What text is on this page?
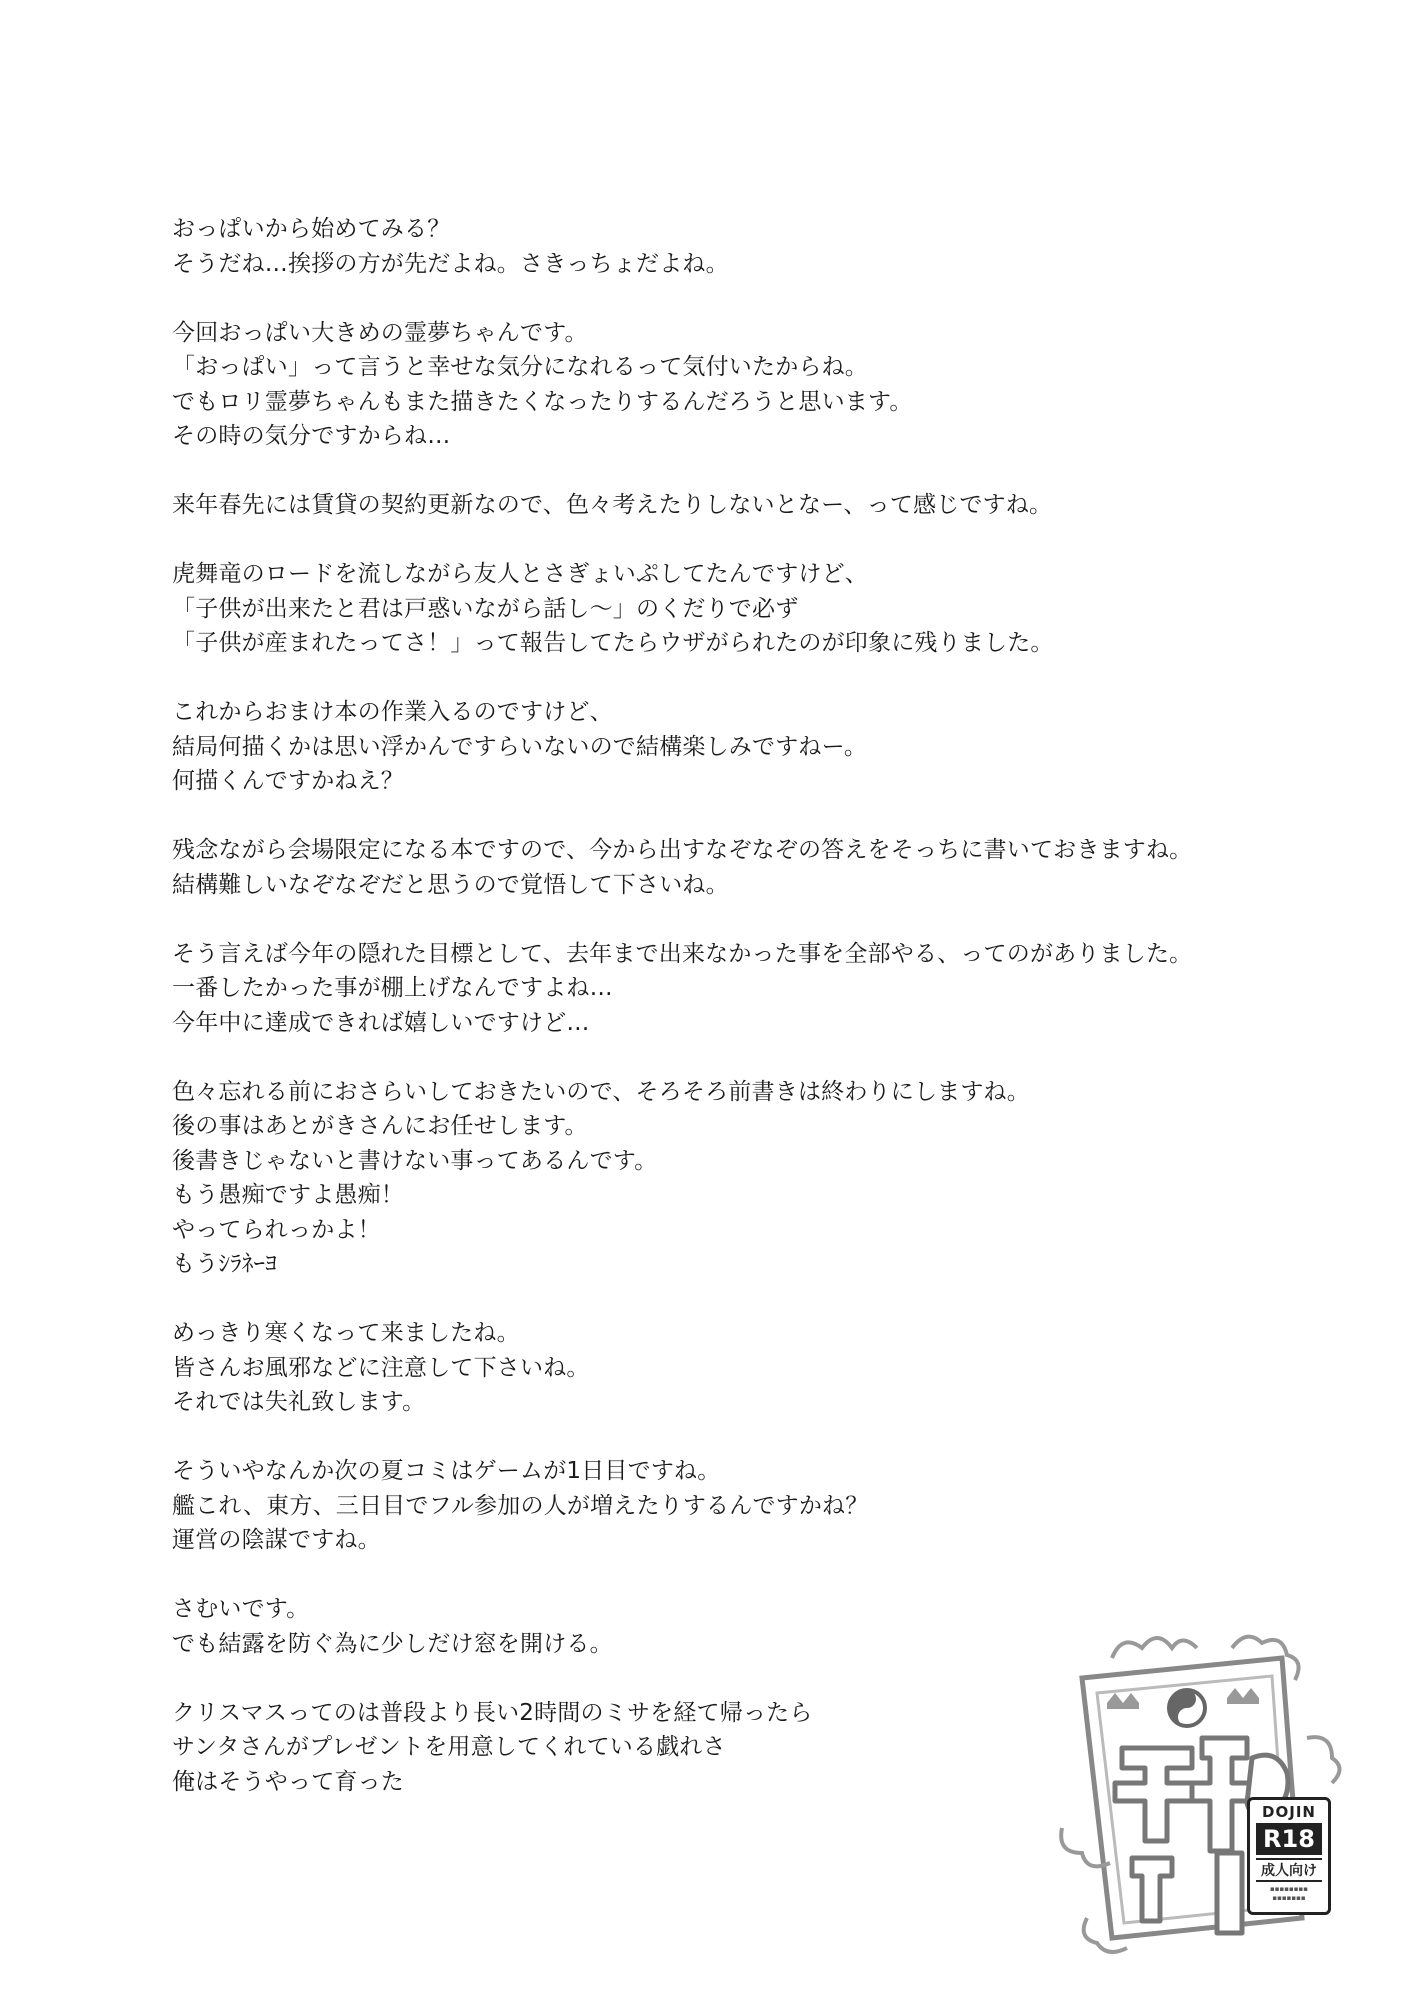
おっぱいから始めてみる？
そうだね…挨拶の方が先だよね。さきっちょだよね。
今回おっぱい大きめの霊夢ちゃんです。
「おっぱい」って言うと幸せな気分になれるって気付いたからね。
でもロリ霊夢ちゃんもまた描きたくなったりするんだろうと思います。
その時の気分ですからね…
来年春先には賃貸の契約更新なので、色々考えたりしないとなー、って感じですね。
虎舞竜のロードを流しながら友人とさぎょいぷしてたんですけど、
「子供が出来たと君は戸惑いながら話し～」のくだりで必ず
「子供が産まれたってさ！」って報告してたらウザがられたのが印象に残りました。
これからおまけ本の作業入るのですけど、
結局何描くかは思い浮かんですらいないので結構楽しみですねー。
何描くんですかねえ？
残念ながら会場限定になる本ですので、今から出すなぞなぞの答えをそっちに書いておきますね。
結構難しいなぞなぞだと思うので覚悟して下さいね。
そう言えば今年の隠れた目標として、去年まで出来なかった事を全部やる、ってのがありました。
一番したかった事が棚上げなんですよね…
今年中に達成できれば嬉しいですけど…
色々忘れる前におさらいしておきたいので、そろそろ前書きは終わりにしますね。
後の事はあとがきさんにお任せします。
後書きじゃないと書けない事ってあるんです。
もう愚痴ですよ愚痴！
やってられっかよ！
もうｼﾗﾈｰﾖ
めっきり寒くなって来ましたね。
皆さんお風邪などに注意して下さいね。
それでは失礼致します。
そういやなんか次の夏コミはゲームが1日目ですね。
艦これ、東方、三日目でフル参加の人が増えたりするんですかね？
運営の陰謀ですね。
さむいです。
でも結露を防ぐ為に少しだけ窓を開ける。
クリスマスってのは普段より長い2時間のミサを経て帰ったら
サンタさんがプレゼントを用意してくれている戯れさ
俺はそうやって育った
DOJIN
R18
成人向け
▪▪▪▪▪▪▪▪
▪▪▪▪▪▪▪
